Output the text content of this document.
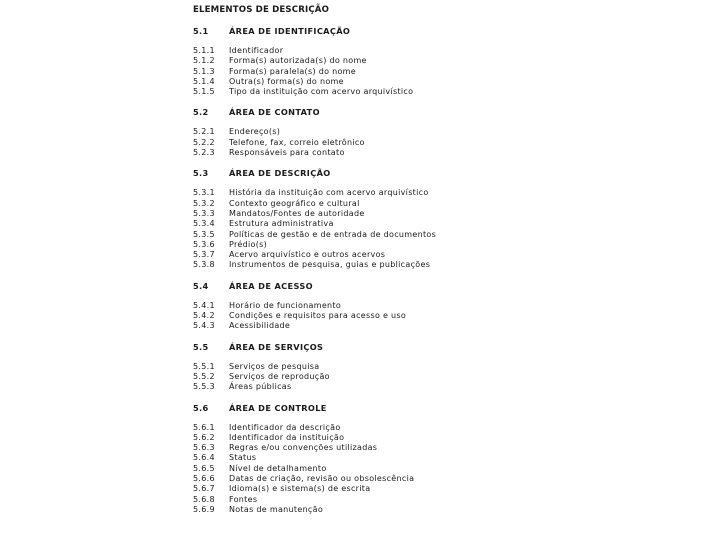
ELEMENTOS DE DESCRIÇÃO
5.1	ÁREA DE IDENTIFICAÇÃO
5.1.1	Identificador
5.1.2	Forma(s) autorizada(s) do nome
5.1.3	Forma(s) paralela(s) do nome
5.1.4	Outra(s) forma(s) do nome
5.1.5	Tipo da instituição com acervo arquivístico
5.2	ÁREA DE CONTATO
5.2.1	Endereço(s)
5.2.2	Telefone, fax, correio eletrônico
5.2.3	Responsáveis para contato
5.3	ÁREA DE DESCRIÇÃO
5.3.1	História da instituição com acervo arquivístico
5.3.2	Contexto geográfico e cultural
5.3.3	Mandatos/Fontes de autoridade
5.3.4	Estrutura administrativa
5.3.5	Políticas de gestão e de entrada de documentos
5.3.6	Prédio(s)
5.3.7	Acervo arquivístico e outros acervos
5.3.8	Instrumentos de pesquisa, guias e publicações
5.4	ÁREA DE ACESSO
5.4.1	Horário de funcionamento
5.4.2	Condições e requisitos para acesso e uso
5.4.3	Acessibilidade
5.5	ÁREA DE SERVIÇOS
5.5.1	Serviços de pesquisa
5.5.2	Serviços de reprodução
5.5.3	Áreas públicas
5.6	ÁREA DE CONTROLE
5.6.1	Identificador da descrição
5.6.2	Identificador da instituição
5.6.3	Regras e/ou convenções utilizadas
5.6.4	Status
5.6.5	Nível de detalhamento
5.6.6	Datas de criação, revisão ou obsolescência
5.6.7	Idioma(s) e sistema(s) de escrita
5.6.8	Fontes
5.6.9	Notas de manutenção
